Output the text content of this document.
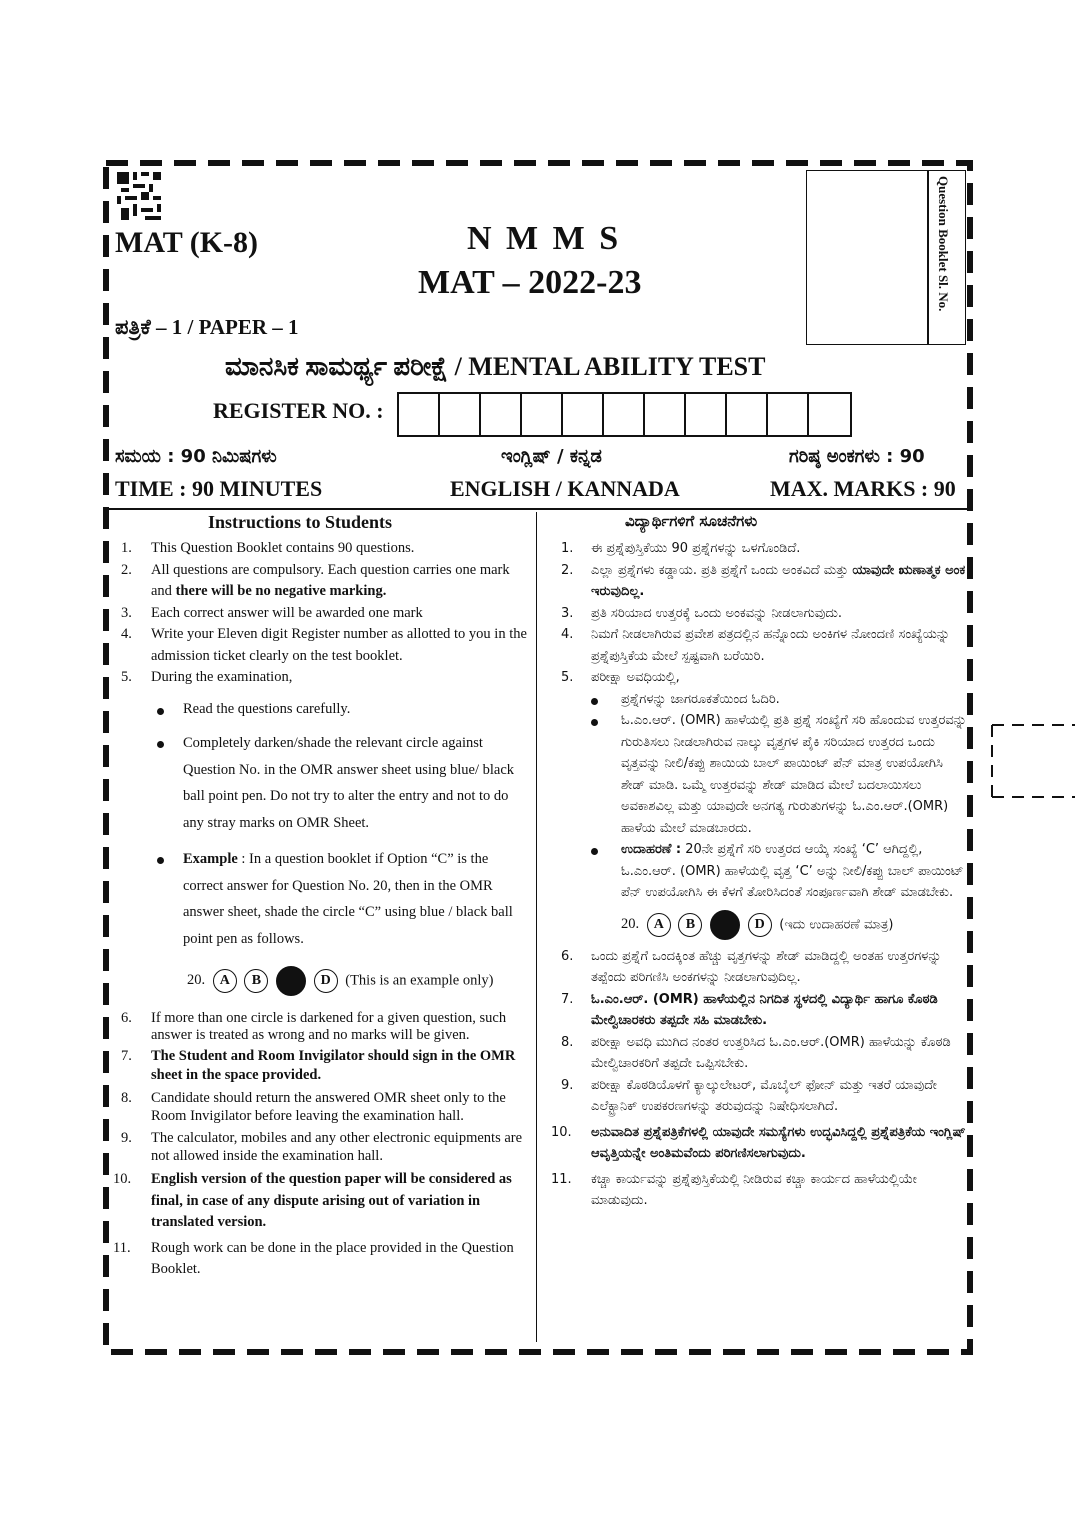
Question Booklet Sl. No.
MAT (K-8)	N M M S
MAT – 2022-23
ಪತ್ರಿಕೆ – 1 / PAPER – 1
ಮಾನಸಿಕ ಸಾಮರ್ಥ್ಯ ಪರೀಕ್ಷೆ / MENTAL ABILITY TEST
REGISTER NO. :
ಸಮಯ : 90 ನಿಮಿಷಗಳು	ಇಂಗ್ಲಿಷ್ / ಕನ್ನಡ	ಗರಿಷ್ಠ ಅಂಕಗಳು : 90
TIME : 90 MINUTES	ENGLISH / KANNADA	MAX. MARKS : 90
Instructions to Students	ವಿದ್ಯಾರ್ಥಿಗಳಿಗೆ ಸೂಚನೆಗಳು
1. This Question Booklet contains 90 questions.
2. All questions are compulsory. Each question carries one mark and there will be no negative marking.
3. Each correct answer will be awarded one mark
4. Write your Eleven digit Register number as allotted to you in the admission ticket clearly on the test booklet.
5. During the examination,
Read the questions carefully.
Completely darken/shade the relevant circle against Question No. in the OMR answer sheet using blue/ black ball point pen. Do not try to alter the entry and not to do any stray marks on OMR Sheet.
Example : In a question booklet if Option “C” is the correct answer for Question No. 20, then in the OMR answer sheet, shade the circle “C” using blue / black ball point pen as follows.
20. A B	D (This is an example only)
6. If more than one circle is darkened for a given question, such answer is treated as wrong and no marks will be given.
7. The Student and Room Invigilator should sign in the OMR sheet in the space provided.
8. Candidate should return the answered OMR sheet only to the Room Invigilator before leaving the examination hall.
9. The calculator, mobiles and any other electronic equipments are not allowed inside the examination hall.
10. English version of the question paper will be considered as final, in case of any dispute arising out of variation in translated version.
11. Rough work can be done in the place provided in the Question Booklet.
1. ಈ ಪ್ರಶ್ನೆಪುಸ್ತಿಕೆಯು 90 ಪ್ರಶ್ನೆಗಳನ್ನು ಒಳಗೊಂಡಿದೆ.
2. ಎಲ್ಲಾ ಪ್ರಶ್ನೆಗಳು ಕಡ್ಡಾಯ. ಪ್ರತಿ ಪ್ರಶ್ನೆಗೆ ಒಂದು ಅಂಕವಿದೆ ಮತ್ತು ಯಾವುದೇ ಋಣಾತ್ಮಕ ಅಂಕ ಇರುವುದಿಲ್ಲ.
3. ಪ್ರತಿ ಸರಿಯಾದ ಉತ್ತರಕ್ಕೆ ಒಂದು ಅಂಕವನ್ನು ನೀಡಲಾಗುವುದು.
4. ನಿಮಗೆ ನೀಡಲಾಗಿರುವ ಪ್ರವೇಶ ಪತ್ರದಲ್ಲಿನ ಹನ್ನೊಂದು ಅಂಕಿಗಳ ನೋಂದಣಿ ಸಂಖ್ಯೆಯನ್ನು ಪ್ರಶ್ನೆಪುಸ್ತಿಕೆಯ ಮೇಲೆ ಸ್ಪಷ್ಟವಾಗಿ ಬರೆಯಿರಿ.
5. ಪರೀಕ್ಷಾ ಅವಧಿಯಲ್ಲಿ,
ಪ್ರಶ್ನೆಗಳನ್ನು ಜಾಗರೂಕತೆಯಿಂದ ಓದಿರಿ.
ಓ.ಎಂ.ಆರ್. (OMR) ಹಾಳೆಯಲ್ಲಿ ಪ್ರತಿ ಪ್ರಶ್ನೆ ಸಂಖ್ಯೆಗೆ ಸರಿ ಹೊಂದುವ ಉತ್ತರವನ್ನು ಗುರುತಿಸಲು ನೀಡಲಾಗಿರುವ ನಾಲ್ಕು ವೃತ್ತಗಳ ಪೈಕಿ ಸರಿಯಾದ ಉತ್ತರದ ಒಂದು ವೃತ್ತವನ್ನು ನೀಲಿ/ಕಪ್ಪು ಶಾಯಿಯ ಬಾಲ್ ಪಾಯಿಂಟ್ ಪೆನ್ ಮಾತ್ರ ಉಪಯೋಗಿಸಿ ಶೇಡ್ ಮಾಡಿ. ಒಮ್ಮೆ ಉತ್ತರವನ್ನು ಶೇಡ್ ಮಾಡಿದ ಮೇಲೆ ಬದಲಾಯಿಸಲು ಅವಕಾಶವಿಲ್ಲ ಮತ್ತು ಯಾವುದೇ ಅನಗತ್ಯ ಗುರುತುಗಳನ್ನು ಓ.ಎಂ.ಆರ್.(OMR) ಹಾಳೆಯ ಮೇಲೆ ಮಾಡಬಾರದು.
ಉದಾಹರಣೆ : 20ನೇ ಪ್ರಶ್ನೆಗೆ ಸರಿ ಉತ್ತರದ ಆಯ್ಕೆ ಸಂಖ್ಯೆ ‘C’ ಆಗಿದ್ದಲ್ಲಿ, ಓ.ಎಂ.ಆರ್. (OMR) ಹಾಳೆಯಲ್ಲಿ ವೃತ್ತ ‘C’ ಅನ್ನು ನೀಲಿ/ಕಪ್ಪು ಬಾಲ್ ಪಾಯಿಂಟ್ ಪೆನ್ ಉಪಯೋಗಿಸಿ ಈ ಕೆಳಗೆ ತೋರಿಸಿದಂತೆ ಸಂಪೂರ್ಣವಾಗಿ ಶೇಡ್ ಮಾಡಬೇಕು.
20. A B	D (ಇದು ಉದಾಹರಣೆ ಮಾತ್ರ)
6. ಒಂದು ಪ್ರಶ್ನೆಗೆ ಒಂದಕ್ಕಿಂತ ಹೆಚ್ಚು ವೃತ್ತಗಳನ್ನು ಶೇಡ್ ಮಾಡಿದ್ದಲ್ಲಿ ಅಂತಹ ಉತ್ತರಗಳನ್ನು ತಪ್ಪೆಂದು ಪರಿಗಣಿಸಿ ಅಂಕಗಳನ್ನು ನೀಡಲಾಗುವುದಿಲ್ಲ.
7. ಓ.ಎಂ.ಆರ್. (OMR) ಹಾಳೆಯಲ್ಲಿನ ನಿಗದಿತ ಸ್ಥಳದಲ್ಲಿ ವಿದ್ಯಾರ್ಥಿ ಹಾಗೂ ಕೊಠಡಿ ಮೇಲ್ವಿಚಾರಕರು ತಪ್ಪದೇ ಸಹಿ ಮಾಡಬೇಕು.
8. ಪರೀಕ್ಷಾ ಅವಧಿ ಮುಗಿದ ನಂತರ ಉತ್ತರಿಸಿದ ಓ.ಎಂ.ಆರ್.(OMR) ಹಾಳೆಯನ್ನು ಕೊಠಡಿ ಮೇಲ್ವಿಚಾರಕರಿಗೆ ತಪ್ಪದೇ ಒಪ್ಪಿಸಬೇಕು.
9. ಪರೀಕ್ಷಾ ಕೊಠಡಿಯೊಳಗೆ ಕ್ಯಾಲ್ಕುಲೇಟರ್, ಮೊಬೈಲ್ ಫೋನ್ ಮತ್ತು ಇತರೆ ಯಾವುದೇ ಎಲೆಕ್ಟ್ರಾನಿಕ್ ಉಪಕರಣಗಳನ್ನು ತರುವುದನ್ನು ನಿಷೇಧಿಸಲಾಗಿದೆ.
10. ಅನುವಾದಿತ ಪ್ರಶ್ನೆಪತ್ರಿಕೆಗಳಲ್ಲಿ ಯಾವುದೇ ಸಮಸ್ಯೆಗಳು ಉದ್ಭವಿಸಿದ್ದಲ್ಲಿ ಪ್ರಶ್ನೆಪತ್ರಿಕೆಯ ಇಂಗ್ಲಿಷ್ ಆವೃತ್ತಿಯನ್ನೇ ಅಂತಿಮವೆಂದು ಪರಿಗಣಿಸಲಾಗುವುದು.
11. ಕಚ್ಚಾ ಕಾರ್ಯವನ್ನು ಪ್ರಶ್ನೆಪುಸ್ತಿಕೆಯಲ್ಲಿ ನೀಡಿರುವ ಕಚ್ಚಾ ಕಾರ್ಯದ ಹಾಳೆಯಲ್ಲಿಯೇ ಮಾಡುವುದು.
